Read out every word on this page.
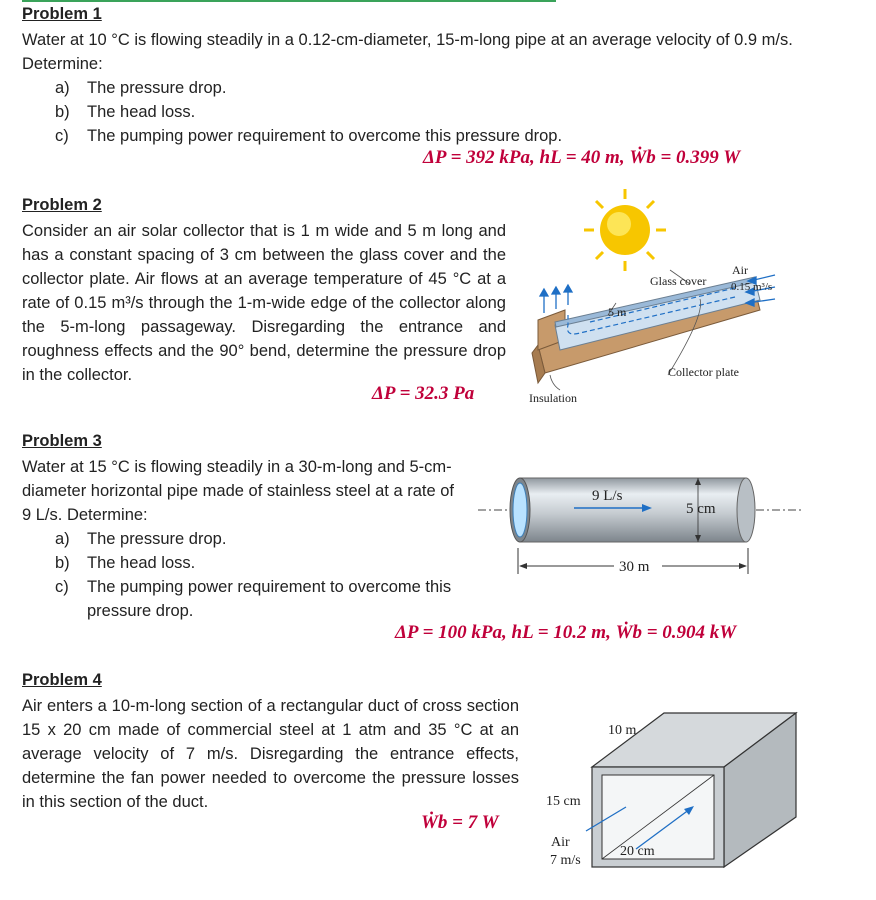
Problem 1
Water at 10 °C is flowing steadily in a 0.12-cm-diameter, 15-m-long pipe at an average velocity of 0.9 m/s. Determine:
a)	The pressure drop.
b)	The head loss.
c)	The pumping power requirement to overcome this pressure drop.
ΔP = 392 kPa, hL = 40 m, Ẇb = 0.399 W
Problem 2
Consider an air solar collector that is 1 m wide and 5 m long and has a constant spacing of 3 cm between the glass cover and the collector plate. Air flows at an average temperature of 45 °C at a rate of 0.15 m³/s through the 1-m-wide edge of the collector along the 5-m-long passageway. Disregarding the entrance and roughness effects and the 90° bend, determine the pressure drop in the collector.
ΔP = 32.3 Pa
Glass cover
Air
0.15 m³/s
5 m
Collector plate
Insulation
Problem 3
Water at 15 °C is flowing steadily in a 30-m-long and 5-cm-diameter horizontal pipe made of stainless steel at a rate of 9 L/s. Determine:
a)	The pressure drop.
b)	The head loss.
c)	The pumping power requirement to overcome this pressure drop.
ΔP = 100 kPa, hL = 10.2 m, Ẇb = 0.904 kW
9 L/s
5 cm
30 m
Problem 4
Air enters a 10-m-long section of a rectangular duct of cross section 15 x 20 cm made of commercial steel at 1 atm and 35 °C at an average velocity of 7 m/s. Disregarding the entrance effects, determine the fan power needed to overcome the pressure losses in this section of the duct.
Ẇb = 7 W
10 m
15 cm
20 cm
Air
7 m/s
